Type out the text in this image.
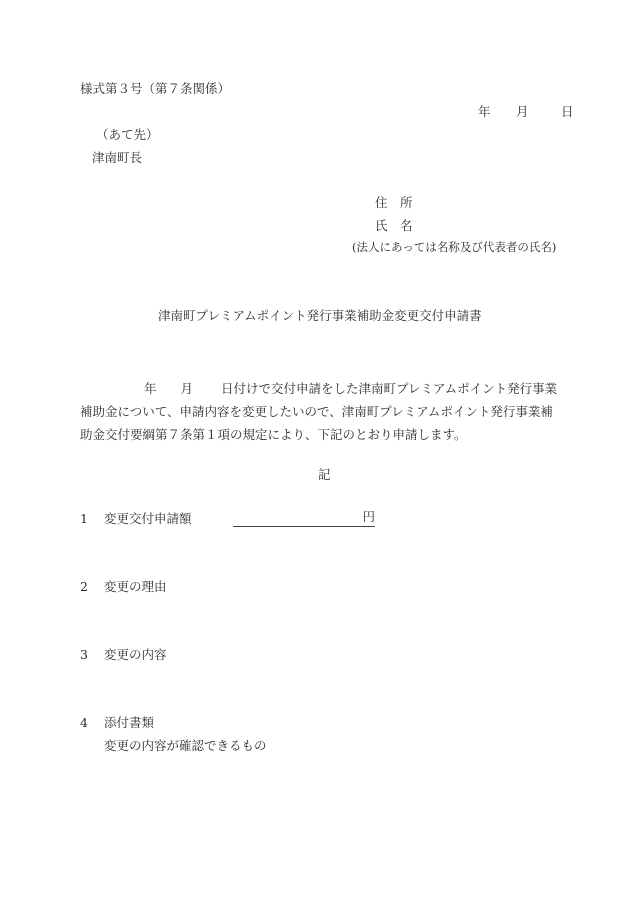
様式第３号（第７条関係）
年 月	日
（あて先）
津南町長
住　所
氏　名
(法人にあっては名称及び代表者の氏名)
津南町プレミアムポイント発行事業補助金変更交付申請書
年 月 日付けで交付申請をした津南町プレミアムポイント発行事業
補助金について、申請内容を変更したいので、津南町プレミアムポイント発行事業補
助金交付要綱第７条第１項の規定により、下記のとおり申請します。
記
1 変更交付申請額	円
2 変更の理由
3 変更の内容
4 添付書類
変更の内容が確認できるもの
